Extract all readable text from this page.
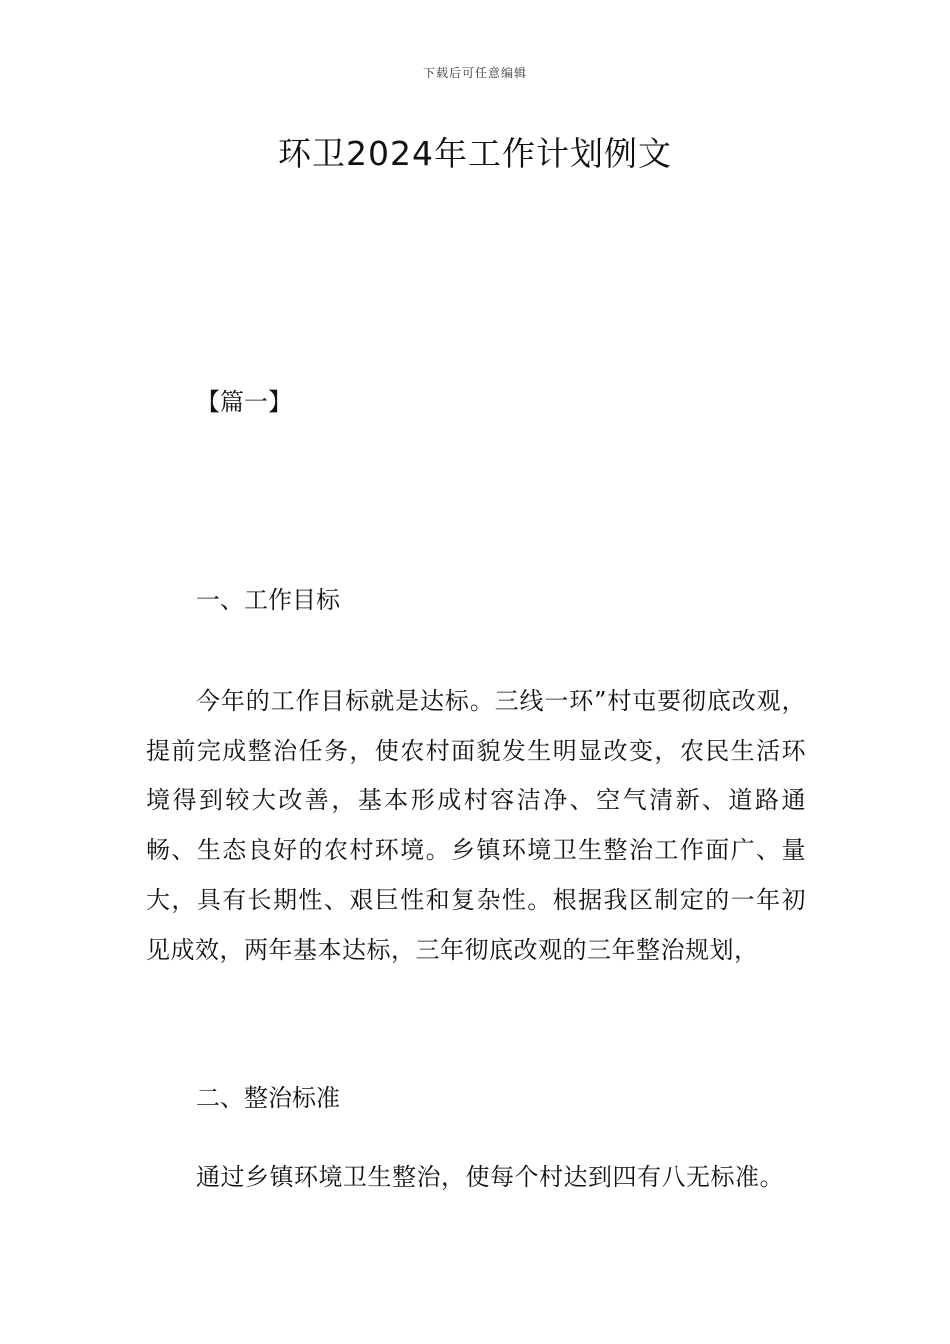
下载后可任意编辑
环卫2024年工作计划例文
【篇一】
一、工作目标

今年的工作目标就是达标。三线一环”村屯要彻底改观，提前完成整治任务，使农村面貌发生明显改变，农民生活环境得到较大改善，基本形成村容洁净、空气清新、道路通畅、生态良好的农村环境。乡镇环境卫生整治工作面广、量大，具有长期性、艰巨性和复杂性。根据我区制定的一年初见成效，两年基本达标，三年彻底改观的三年整治规划，

二、整治标准

通过乡镇环境卫生整治，使每个村达到四有八无标准。
